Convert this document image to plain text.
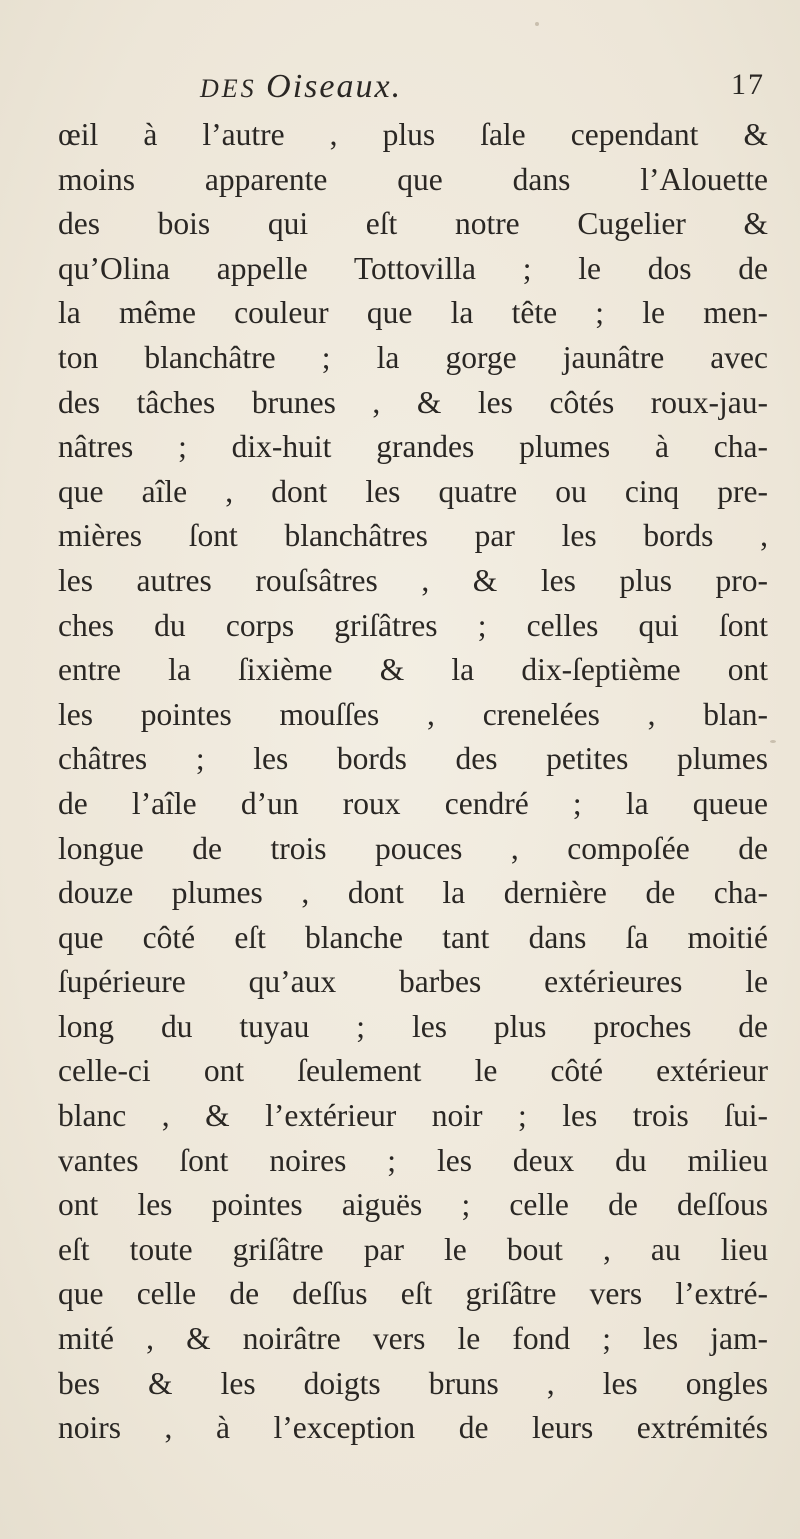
DES Oiseaux.	17
œil à l’autre , plus ſale cependant &
moins apparente que dans l’Alouette
des bois qui eſt notre Cugelier &
qu’Olina appelle Tottovilla ; le dos de
la même couleur que la tête ; le men-
ton blanchâtre ; la gorge jaunâtre avec
des tâches brunes , & les côtés roux-jau-
nâtres ; dix-huit grandes plumes à cha-
que aîle , dont les quatre ou cinq pre-
mières ſont blanchâtres par les bords ,
les autres rouſsâtres , & les plus pro-
ches du corps griſâtres ; celles qui ſont
entre la ſixième & la dix-ſeptième ont
les pointes mouſſes , crenelées , blan-
châtres ; les bords des petites plumes
de l’aîle d’un roux cendré ; la queue
longue de trois pouces , compoſée de
douze plumes , dont la dernière de cha-
que côté eſt blanche tant dans ſa moitié
ſupérieure qu’aux barbes extérieures le
long du tuyau ; les plus proches de
celle-ci ont ſeulement le côté extérieur
blanc , & l’extérieur noir ; les trois ſui-
vantes ſont noires ; les deux du milieu
ont les pointes aiguës ; celle de deſſous
eſt toute griſâtre par le bout , au lieu
que celle de deſſus eſt griſâtre vers l’extré-
mité , & noirâtre vers le fond ; les jam-
bes & les doigts bruns , les ongles
noirs , à l’exception de leurs extrémités
